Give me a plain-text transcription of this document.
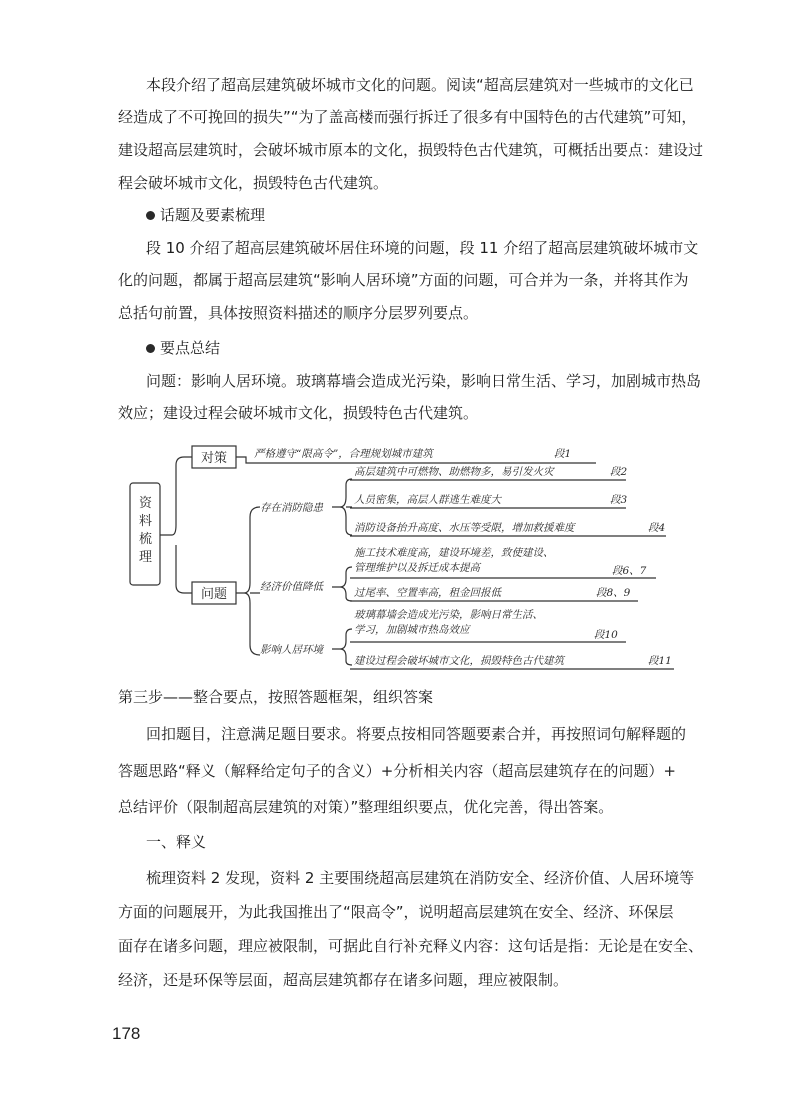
本段介绍了超高层建筑破坏城市文化的问题。阅读“超高层建筑对一些城市的文化已
经造成了不可挽回的损失”“为了盖高楼而强行拆迁了很多有中国特色的古代建筑”可知，
建设超高层建筑时，会破坏城市原本的文化，损毁特色古代建筑，可概括出要点：建设过
程会破坏城市文化，损毁特色古代建筑。
话题及要素梳理
段 10 介绍了超高层建筑破坏居住环境的问题，段 11 介绍了超高层建筑破坏城市文
化的问题，都属于超高层建筑“影响人居环境”方面的问题，可合并为一条，并将其作为
总括句前置，具体按照资料描述的顺序分层罗列要点。
要点总结
问题：影响人居环境。玻璃幕墙会造成光污染，影响日常生活、学习，加剧城市热岛
效应；建设过程会破坏城市文化，损毁特色古代建筑。
资
料
梳
理
对策	严格遵守“限高令”，合理规划城市建筑	段1
问题
存在消防隐患
高层建筑中可燃物、助燃物多，易引发火灾	段2
人员密集，高层人群逃生难度大	段3
消防设备抬升高度、水压等受限，增加救援难度	段4
经济价值降低
施工技术难度高，建设环境差，致使建设、
管理维护以及拆迁成本提高	段6、7
过尾率、空置率高，租金回报低	段8、9
影响人居环境
玻璃幕墙会造成光污染，影响日常生活、
学习，加剧城市热岛效应	段10
建设过程会破坏城市文化，损毁特色古代建筑	段11
第三步——整合要点，按照答题框架，组织答案
回扣题目，注意满足题目要求。将要点按相同答题要素合并，再按照词句解释题的
答题思路“释义（解释给定句子的含义）+分析相关内容（超高层建筑存在的问题）+
总结评价（限制超高层建筑的对策）”整理组织要点，优化完善，得出答案。
一、释义
梳理资料 2 发现，资料 2 主要围绕超高层建筑在消防安全、经济价值、人居环境等
方面的问题展开，为此我国推出了“限高令”，说明超高层建筑在安全、经济、环保层
面存在诸多问题，理应被限制，可据此自行补充释义内容：这句话是指：无论是在安全、
经济，还是环保等层面，超高层建筑都存在诸多问题，理应被限制。
178
